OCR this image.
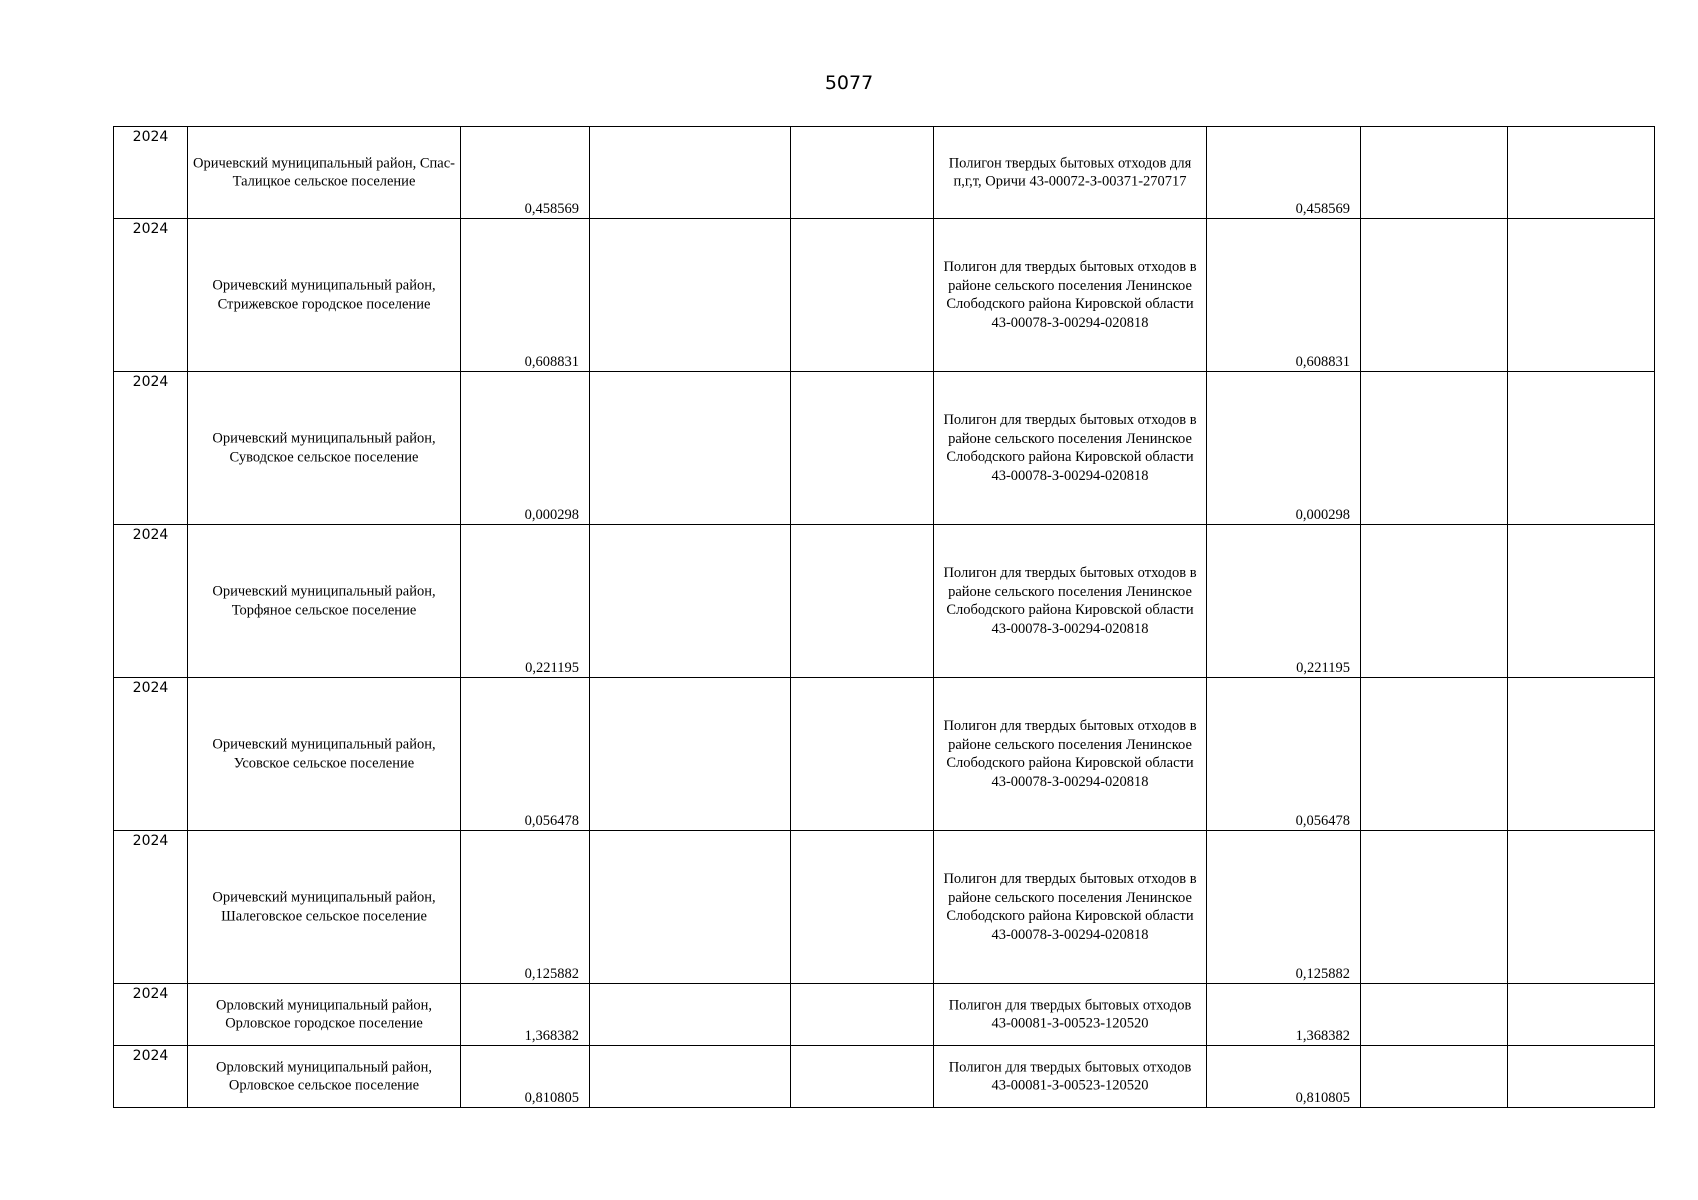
5077
2024	Оричевский муниципальный район, Спас-Талицкое сельское поселение	0,458569			Полигон твердых бытовых отходов для п,г,т, Оричи 43-00072-З-00371-270717	0,458569		

2024	Оричевский муниципальный район, Стрижевское городское поселение	0,608831			Полигон для твердых бытовых отходов в районе сельского поселения Ленинское Слободского района Кировской области 43-00078-З-00294-020818	0,608831		

2024	Оричевский муниципальный район, Суводское сельское поселение	0,000298			Полигон для твердых бытовых отходов в районе сельского поселения Ленинское Слободского района Кировской области 43-00078-З-00294-020818	0,000298		

2024	Оричевский муниципальный район, Торфяное сельское поселение	0,221195			Полигон для твердых бытовых отходов в районе сельского поселения Ленинское Слободского района Кировской области 43-00078-З-00294-020818	0,221195		

2024	Оричевский муниципальный район, Усовское сельское поселение	0,056478			Полигон для твердых бытовых отходов в районе сельского поселения Ленинское Слободского района Кировской области 43-00078-З-00294-020818	0,056478		

2024	Оричевский муниципальный район, Шалеговское сельское поселение	0,125882			Полигон для твердых бытовых отходов в районе сельского поселения Ленинское Слободского района Кировской области 43-00078-З-00294-020818	0,125882		

2024	Орловский муниципальный район, Орловское городское поселение	1,368382			Полигон для твердых бытовых отходов 43-00081-З-00523-120520	1,368382		

2024	Орловский муниципальный район, Орловское сельское поселение	0,810805			Полигон для твердых бытовых отходов 43-00081-З-00523-120520	0,810805		
